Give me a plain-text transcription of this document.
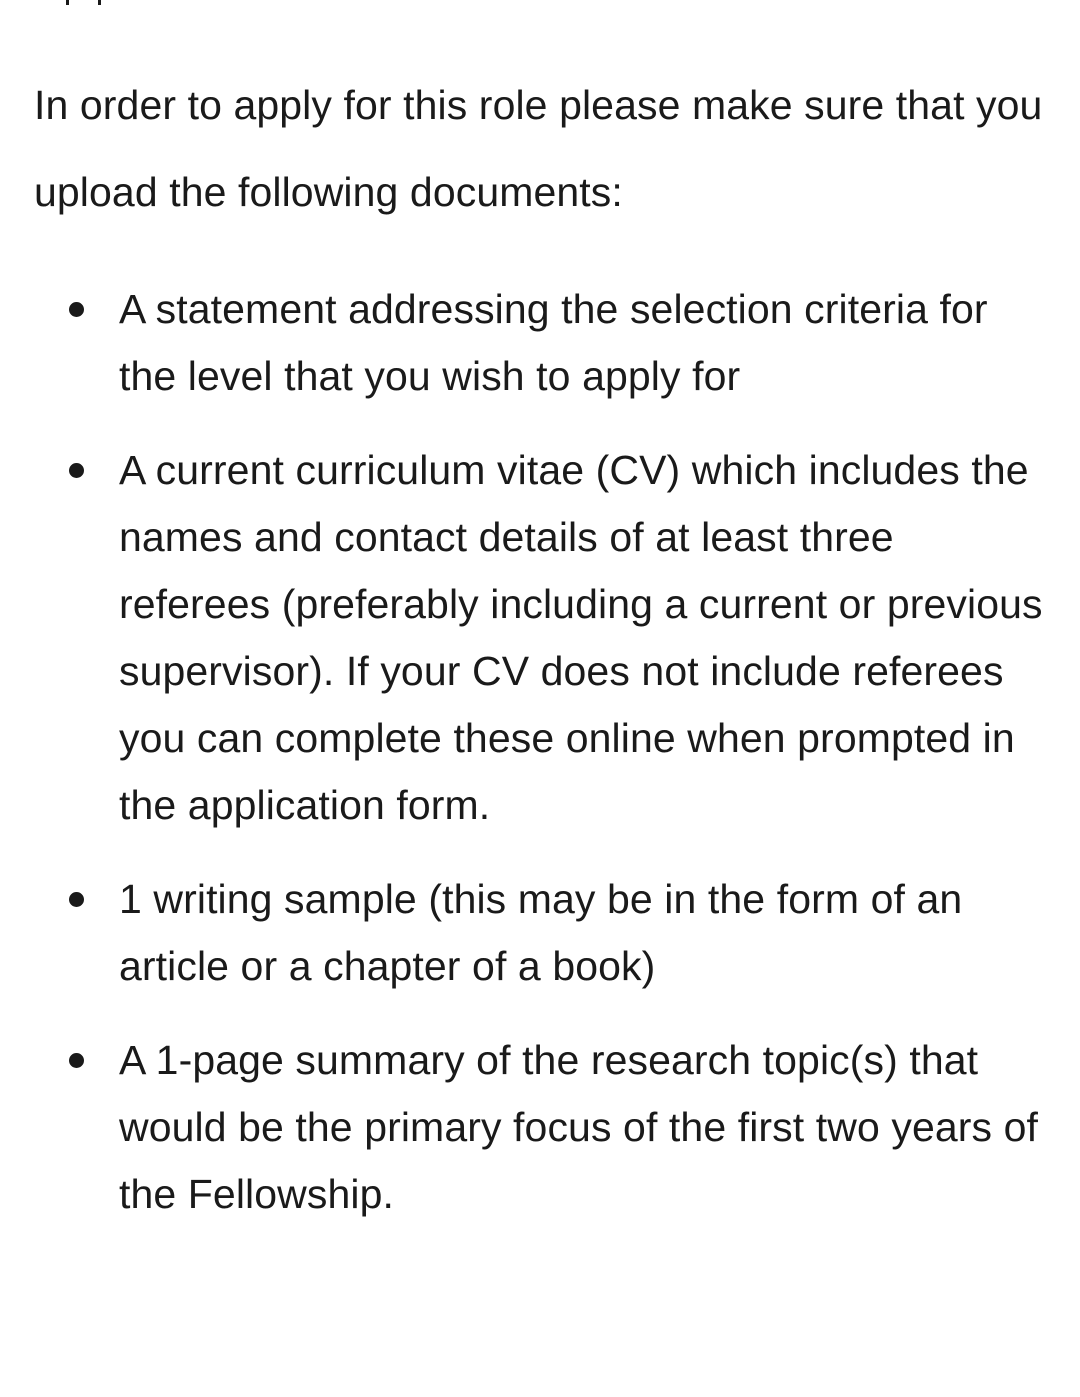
In order to apply for this role please make sure that you upload the following documents:

A statement addressing the selection criteria for the level that you wish to apply for
A current curriculum vitae (CV) which includes the names and contact details of at least three referees (preferably including a current or previous supervisor). If your CV does not include referees you can complete these online when prompted in the application form.
1 writing sample (this may be in the form of an article or a chapter of a book)
A 1-page summary of the research topic(s) that would be the primary focus of the first two years of the Fellowship.
